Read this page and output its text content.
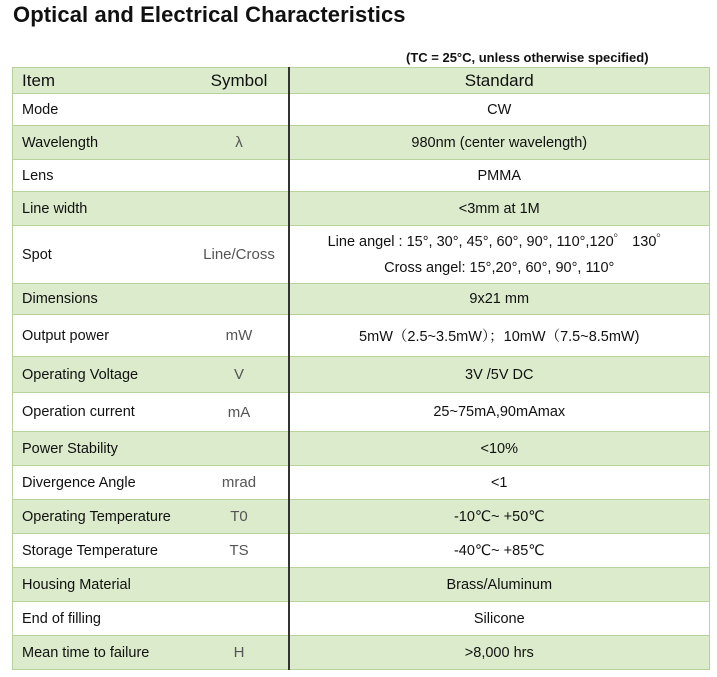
Optical and Electrical Characteristics
(TC = 25°C, unless otherwise specified)
Item	Symbol	Standard
Mode		CW
Wavelength	λ	980nm (center wavelength)
Lens		PMMA
Line width		<3mm at 1M
Spot	Line/Cross	Line angel : 15°, 30°, 45°, 60°, 90°, 110°,120゜ 130゜
Cross angel: 15°,20°, 60°, 90°, 110°

Dimensions		9x21 mm
Output power	mW	5mW（2.5~3.5mW）；10mW（7.5~8.5mW)
Operating Voltage	V	3V /5V DC
Operation current	mA	25~75mA,90mAmax
Power Stability		<10%
Divergence Angle	mrad	<1
Operating Temperature	T0	-10℃~ +50℃
Storage Temperature	TS	-40℃~ +85℃
Housing Material		Brass/Aluminum
End of filling		Silicone
Mean time to failure	H	>8,000 hrs
